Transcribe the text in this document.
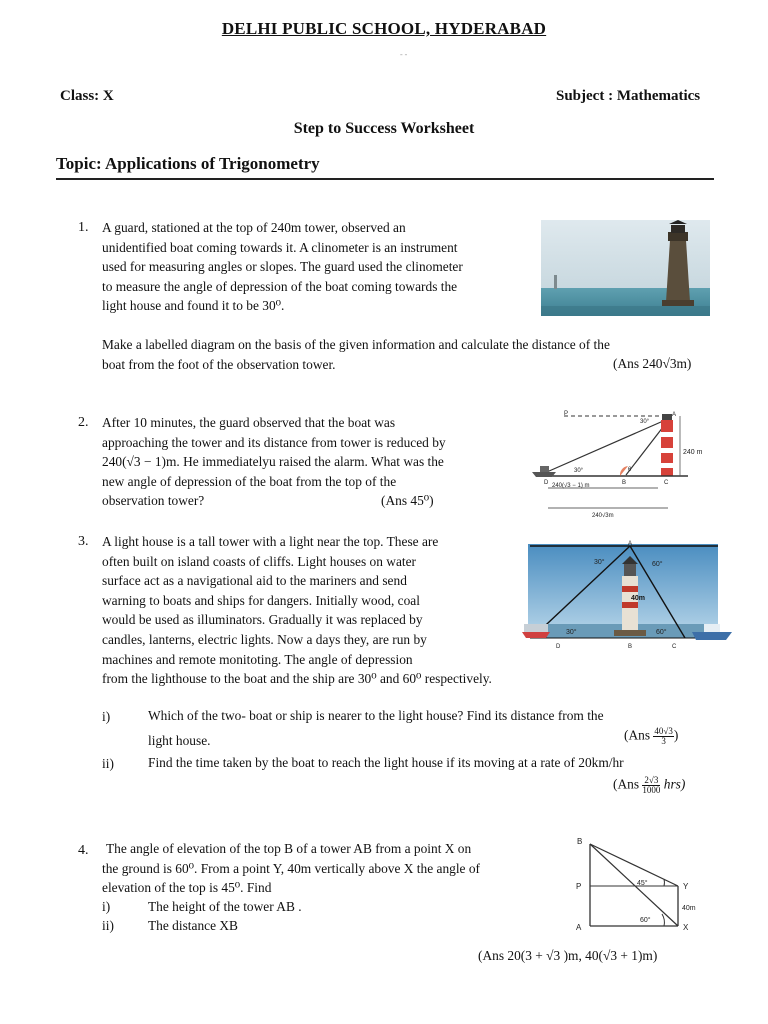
DELHI PUBLIC SCHOOL, HYDERABAD
- -
Class: X	Subject : Mathematics
Step to Success Worksheet
Topic: Applications of Trigonometry
1. A guard, stationed at the top of 240m tower, observed an
unidentified boat coming towards it. A clinometer is an instrument
used for measuring angles or slopes. The guard used the clinometer
to measure the angle of depression of the boat coming towards the
light house and found it to be 30⁰.
Make a labelled diagram on the basis of the given information and calculate the distance of the
boat from the foot of the observation tower.	(Ans 240√3m)
2. After 10 minutes, the guard observed that the boat was
approaching the tower and its distance from tower is reduced by
240(√3 − 1)m. He immediatelyu raised the alarm. What was the
new angle of depression of the boat from the top of the
observation tower?	(Ans 45⁰)
P	A
30°
30°	θ
240 m
D	B	C
240(√3 − 1) m
240√3m
3. A light house is a tall tower with a light near the top. These are
often built on island coasts of cliffs. Light houses on water
surface act as a navigational aid to the mariners and send
warning to boats and ships for dangers. Initially wood, coal
would be used as illuminators. Gradually it was replaced by
candles, lanterns, electric lights. Now a days they, are run by
machines and remote monitoting. The angle of depression
from the lighthouse to the boat and the ship are 30⁰ and 60⁰ respectively.
30°	60°
40m
30°	60°
A
D	B	C
i)	Which of the two- boat or ship is nearer to the light house? Find its distance from the
light house.	($Ans \frac{40√3}{3}$ )
ii)	Find the time taken by the boat to reach the light house if its moving at a rate of 20km/hr
$(Ans \frac{2√3}{1000} hrs)$
4. The angle of elevation of the top B of a tower AB from a point X on
the ground is 60⁰. From a point Y, 40m vertically above X the angle of
elevation of the top is 45⁰. Find
i)	The height of the tower AB .
ii)	The distance XB
(Ans 20(3 + √3 )m, 40(√3 + 1)m)
B
P	Y
A	X
45°
60°
40m
